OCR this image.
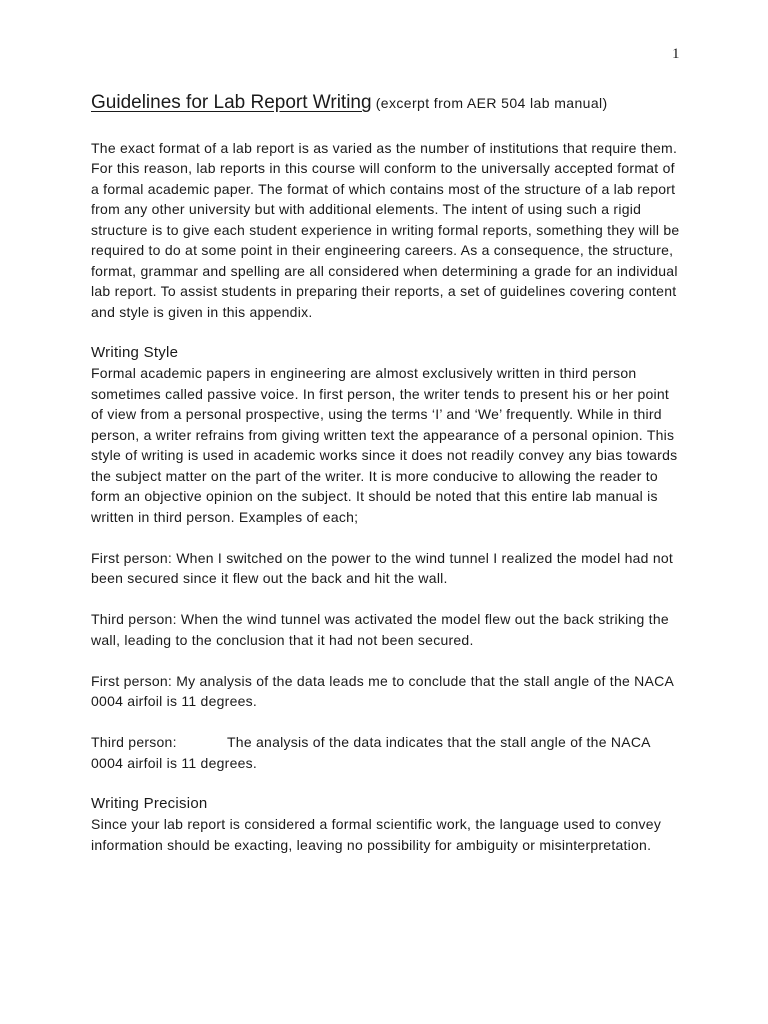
1
Guidelines for Lab Report Writing (excerpt from AER 504 lab manual)

The exact format of a lab report is as varied as the number of institutions that require them. For this reason, lab reports in this course will conform to the universally accepted format of a formal academic paper. The format of which contains most of the structure of a lab report from any other university but with additional elements. The intent of using such a rigid structure is to give each student experience in writing formal reports, something they will be required to do at some point in their engineering careers. As a consequence, the structure, format, grammar and spelling are all considered when determining a grade for an individual lab report. To assist students in preparing their reports, a set of guidelines covering content and style is given in this appendix.

Writing Style

Formal academic papers in engineering are almost exclusively written in third person sometimes called passive voice. In first person, the writer tends to present his or her point of view from a personal prospective, using the terms ‘I’ and ‘We’ frequently. While in third person, a writer refrains from giving written text the appearance of a personal opinion. This style of writing is used in academic works since it does not readily convey any bias towards the subject matter on the part of the writer. It is more conducive to allowing the reader to form an objective opinion on the subject. It should be noted that this entire lab manual is written in third person. Examples of each;

First person: When I switched on the power to the wind tunnel I realized the model had not been secured since it flew out the back and hit the wall.

Third person: When the wind tunnel was activated the model flew out the back striking the wall, leading to the conclusion that it had not been secured.

First person: My analysis of the data leads me to conclude that the stall angle of the NACA 0004 airfoil is 11 degrees.

Third person:	The analysis of the data indicates that the stall angle of the NACA 0004 airfoil is 11 degrees.

Writing Precision

Since your lab report is considered a formal scientific work, the language used to convey information should be exacting, leaving no possibility for ambiguity or misinterpretation.
